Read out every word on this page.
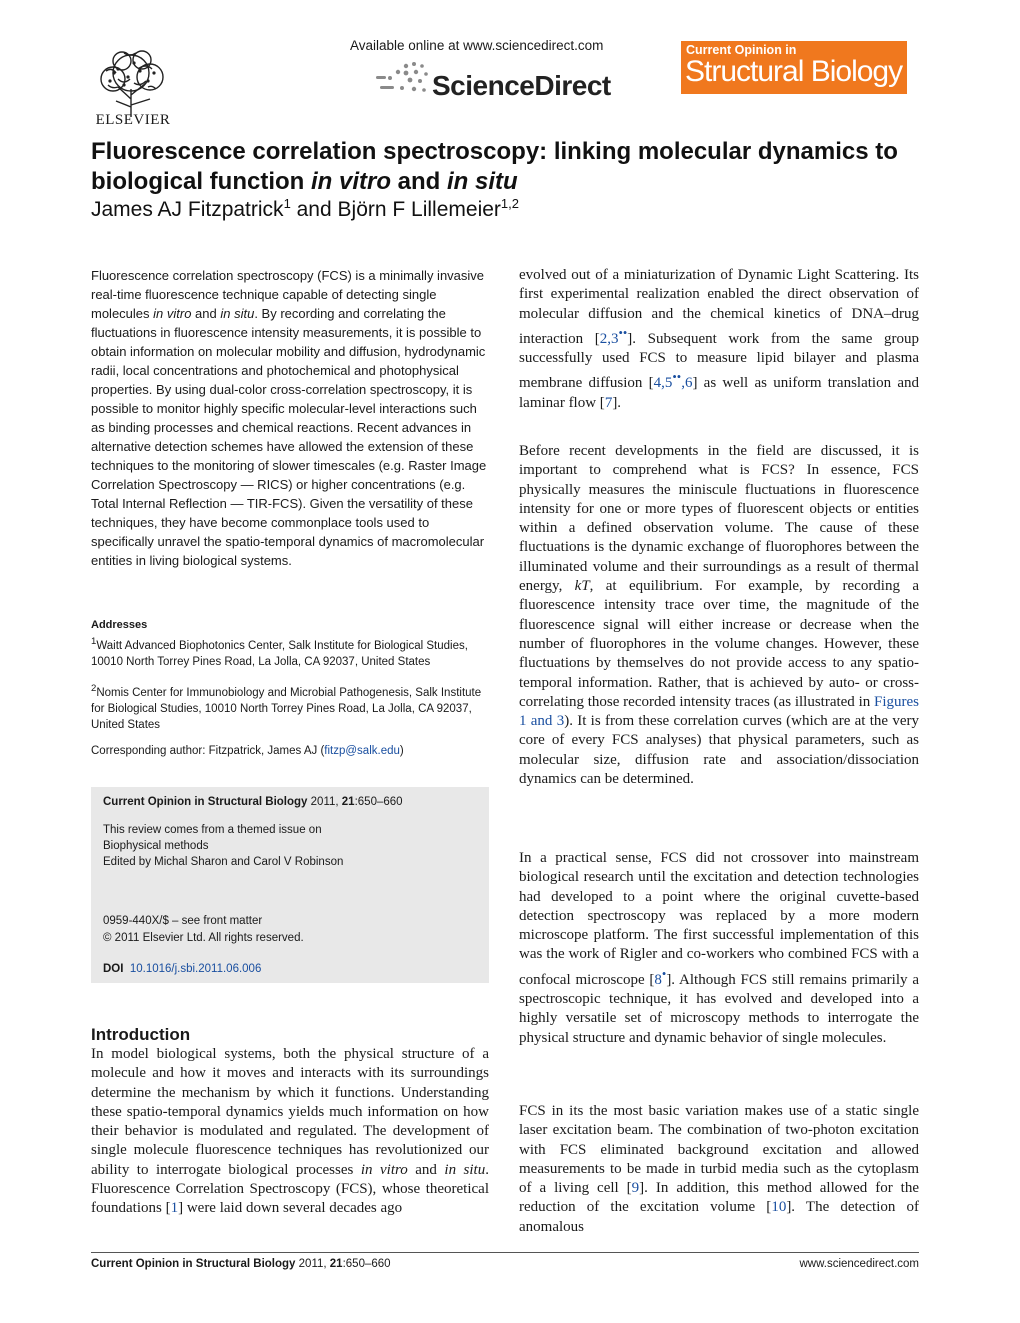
ELSEVIER
Available online at www.sciencedirect.com
ScienceDirect
Current Opinion in
Structural Biology
Fluorescence correlation spectroscopy: linking molecular dynamics to biological function in vitro and in situ
James AJ Fitzpatrick$^1$ and Björn F Lillemeier$^{1,2}$
Fluorescence correlation spectroscopy (FCS) is a minimally invasive real-time fluorescence technique capable of detecting single molecules in vitro and in situ. By recording and correlating the fluctuations in fluorescence intensity measurements, it is possible to obtain information on molecular mobility and diffusion, hydrodynamic radii, local concentrations and photochemical and photophysical properties. By using dual-color cross-correlation spectroscopy, it is possible to monitor highly specific molecular-level interactions such as binding processes and chemical reactions. Recent advances in alternative detection schemes have allowed the extension of these techniques to the monitoring of slower timescales (e.g. Raster Image Correlation Spectroscopy — RICS) or higher concentrations (e.g. Total Internal Reflection — TIR-FCS). Given the versatility of these techniques, they have become commonplace tools used to specifically unravel the spatio-temporal dynamics of macromolecular entities in living biological systems.
Addresses
$^1$Waitt Advanced Biophotonics Center, Salk Institute for Biological Studies, 10010 North Torrey Pines Road, La Jolla, CA 92037, United States
$^2$Nomis Center for Immunobiology and Microbial Pathogenesis, Salk Institute for Biological Studies, 10010 North Torrey Pines Road, La Jolla, CA 92037, United States
Corresponding author: Fitzpatrick, James AJ (fitzp@salk.edu)
Current Opinion in Structural Biology 2011, 21:650–660
This review comes from a themed issue on
Biophysical methods
Edited by Michal Sharon and Carol V Robinson
0959-440X/$ – see front matter
© 2011 Elsevier Ltd. All rights reserved.
DOI 10.1016/j.sbi.2011.06.006
Introduction
In model biological systems, both the physical structure of a molecule and how it moves and interacts with its surroundings determine the mechanism by which it functions. Understanding these spatio-temporal dynamics yields much information on how their behavior is modulated and regulated. The development of single molecule fluorescence techniques has revolutionized our ability to interrogate biological processes in vitro and in situ. Fluorescence Correlation Spectroscopy (FCS), whose theoretical foundations [1] were laid down several decades ago
evolved out of a miniaturization of Dynamic Light Scattering. Its first experimental realization enabled the direct observation of molecular diffusion and the chemical kinetics of DNA–drug interaction [2,3••]. Subsequent work from the same group successfully used FCS to measure lipid bilayer and plasma membrane diffusion [4,5••,6] as well as uniform translation and laminar flow [7].
Before recent developments in the field are discussed, it is important to comprehend what is FCS? In essence, FCS physically measures the miniscule fluctuations in fluorescence intensity for one or more types of fluorescent objects or entities within a defined observation volume. The cause of these fluctuations is the dynamic exchange of fluorophores between the illuminated volume and their surroundings as a result of thermal energy, kT, at equilibrium. For example, by recording a fluorescence intensity trace over time, the magnitude of the fluorescence signal will either increase or decrease when the number of fluorophores in the volume changes. However, these fluctuations by themselves do not provide access to any spatio-temporal information. Rather, that is achieved by auto- or cross-correlating those recorded intensity traces (as illustrated in Figures 1 and 3). It is from these correlation curves (which are at the very core of every FCS analyses) that physical parameters, such as molecular size, diffusion rate and association/dissociation dynamics can be determined.
In a practical sense, FCS did not crossover into mainstream biological research until the excitation and detection technologies had developed to a point where the original cuvette-based detection spectroscopy was replaced by a more modern microscope platform. The first successful implementation of this was the work of Rigler and co-workers who combined FCS with a confocal microscope [8•]. Although FCS still remains primarily a spectroscopic technique, it has evolved and developed into a highly versatile set of microscopy methods to interrogate the physical structure and dynamic behavior of single molecules.
FCS in its the most basic variation makes use of a static single laser excitation beam. The combination of two-photon excitation with FCS eliminated background excitation and allowed measurements to be made in turbid media such as the cytoplasm of a living cell [9]. In addition, this method allowed for the reduction of the excitation volume [10]. The detection of anomalous
Current Opinion in Structural Biology 2011, 21:650–660	www.sciencedirect.com
